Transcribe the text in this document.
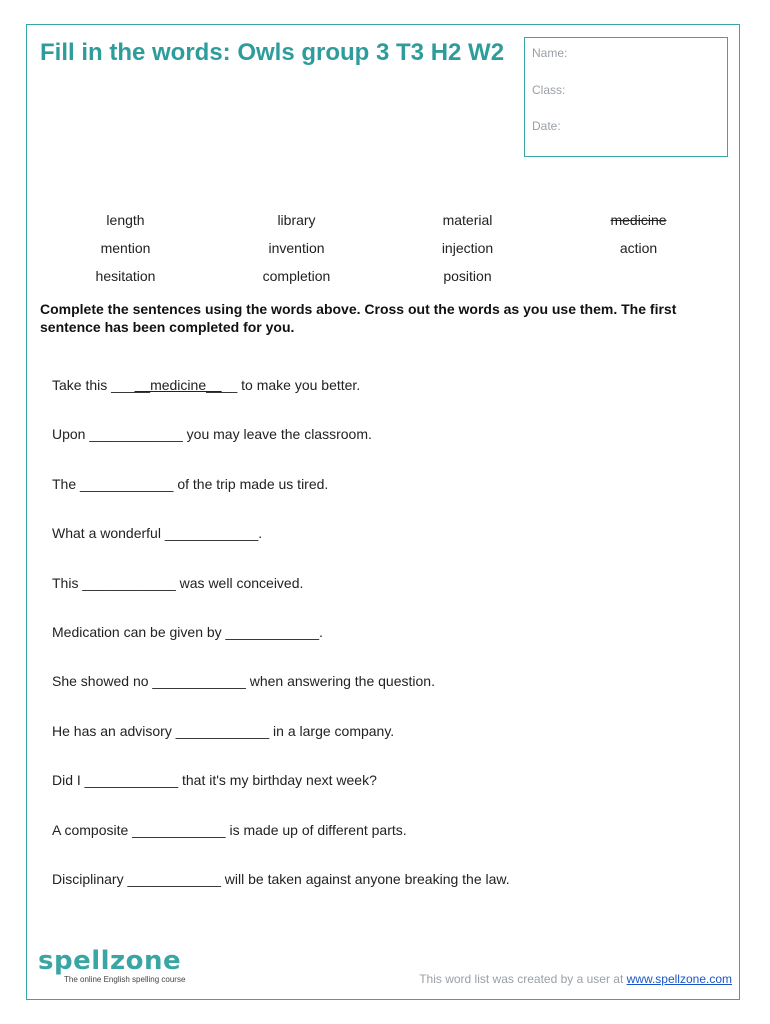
Fill in the words: Owls group 3 T3 H2 W2	Name:
Class:
Date:
length	library	material	medicine
mention	invention	injection	action
hesitation	completion	position
Complete the sentences using the words above. Cross out the words as you use them. The first sentence has been completed for you.
Take this _____medicine____ to make you better.
Upon ____________ you may leave the classroom.
The ____________ of the trip made us tired.
What a wonderful ____________.
This ____________ was well conceived.
Medication can be given by ____________.
She showed no ____________ when answering the question.
He has an advisory ____________ in a large company.
Did I ____________ that it's my birthday next week?
A composite ____________ is made up of different parts.
Disciplinary ____________ will be taken against anyone breaking the law.
spellzone
The online English spelling course	This word list was created by a user at www.spellzone.com
